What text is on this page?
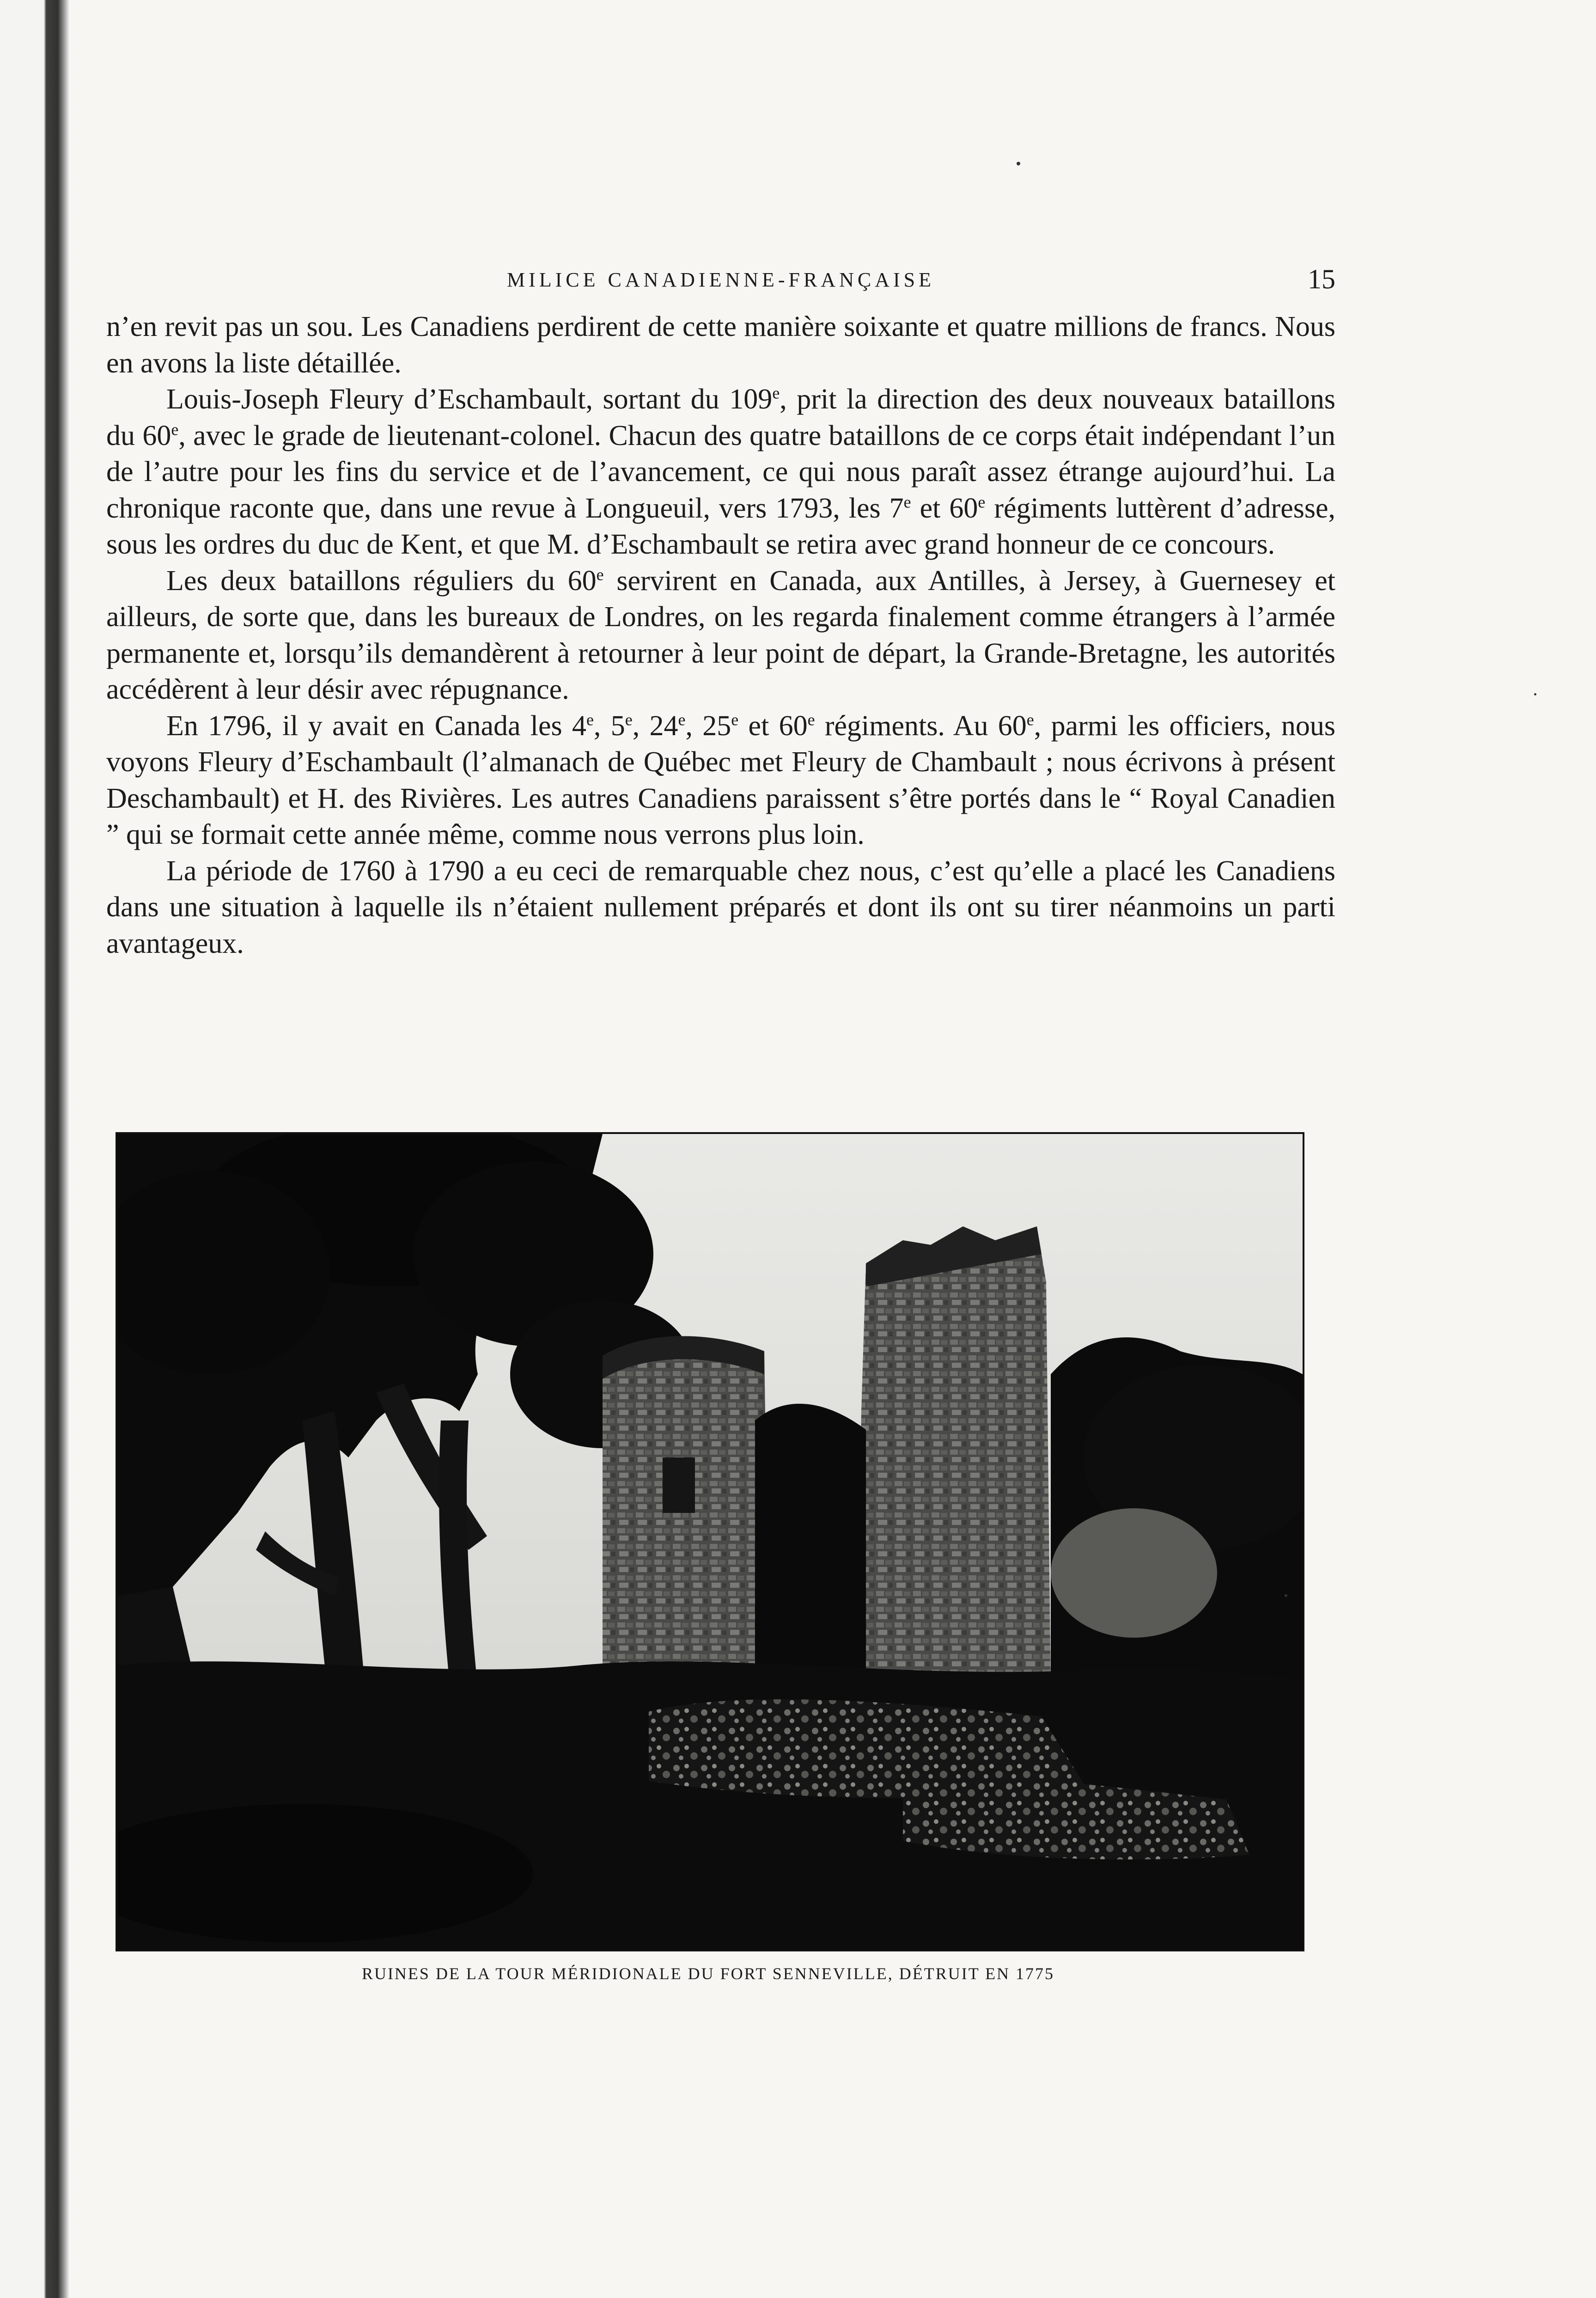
MILICE CANADIENNE-FRANÇAISE	15

n’en revit pas un sou. Les Canadiens perdirent de cette manière soixante et quatre millions de francs. Nous en avons la liste détaillée.

Louis-Joseph Fleury d’Eschambault, sortant du 109e, prit la direction des deux nouveaux bataillons du 60e, avec le grade de lieutenant-colonel. Chacun des quatre bataillons de ce corps était indépendant l’un de l’autre pour les fins du service et de l’avancement, ce qui nous paraît assez étrange aujourd’hui. La chronique raconte que, dans une revue à Longueuil, vers 1793, les 7e et 60e régiments luttèrent d’adresse, sous les ordres du duc de Kent, et que M. d’Eschambault se retira avec grand honneur de ce concours.

Les deux bataillons réguliers du 60e servirent en Canada, aux Antilles, à Jersey, à Guernesey et ailleurs, de sorte que, dans les bureaux de Londres, on les regarda finalement comme étrangers à l’armée permanente et, lorsqu’ils demandèrent à retourner à leur point de départ, la Grande-Bretagne, les autorités accédèrent à leur désir avec répugnance.

En 1796, il y avait en Canada les 4e, 5e, 24e, 25e et 60e régiments. Au 60e, parmi les officiers, nous voyons Fleury d’Eschambault (l’almanach de Québec met Fleury de Chambault ; nous écrivons à présent Deschambault) et H. des Rivières. Les autres Canadiens paraissent s’être portés dans le “ Royal Canadien ” qui se formait cette année même, comme nous verrons plus loin.

La période de 1760 à 1790 a eu ceci de remarquable chez nous, c’est qu’elle a placé les Canadiens dans une situation à laquelle ils n’étaient nullement préparés et dont ils ont su tirer néanmoins un parti avantageux.

RUINES DE LA TOUR MÉRIDIONALE DU FORT SENNEVILLE, DÉTRUIT EN 1775
